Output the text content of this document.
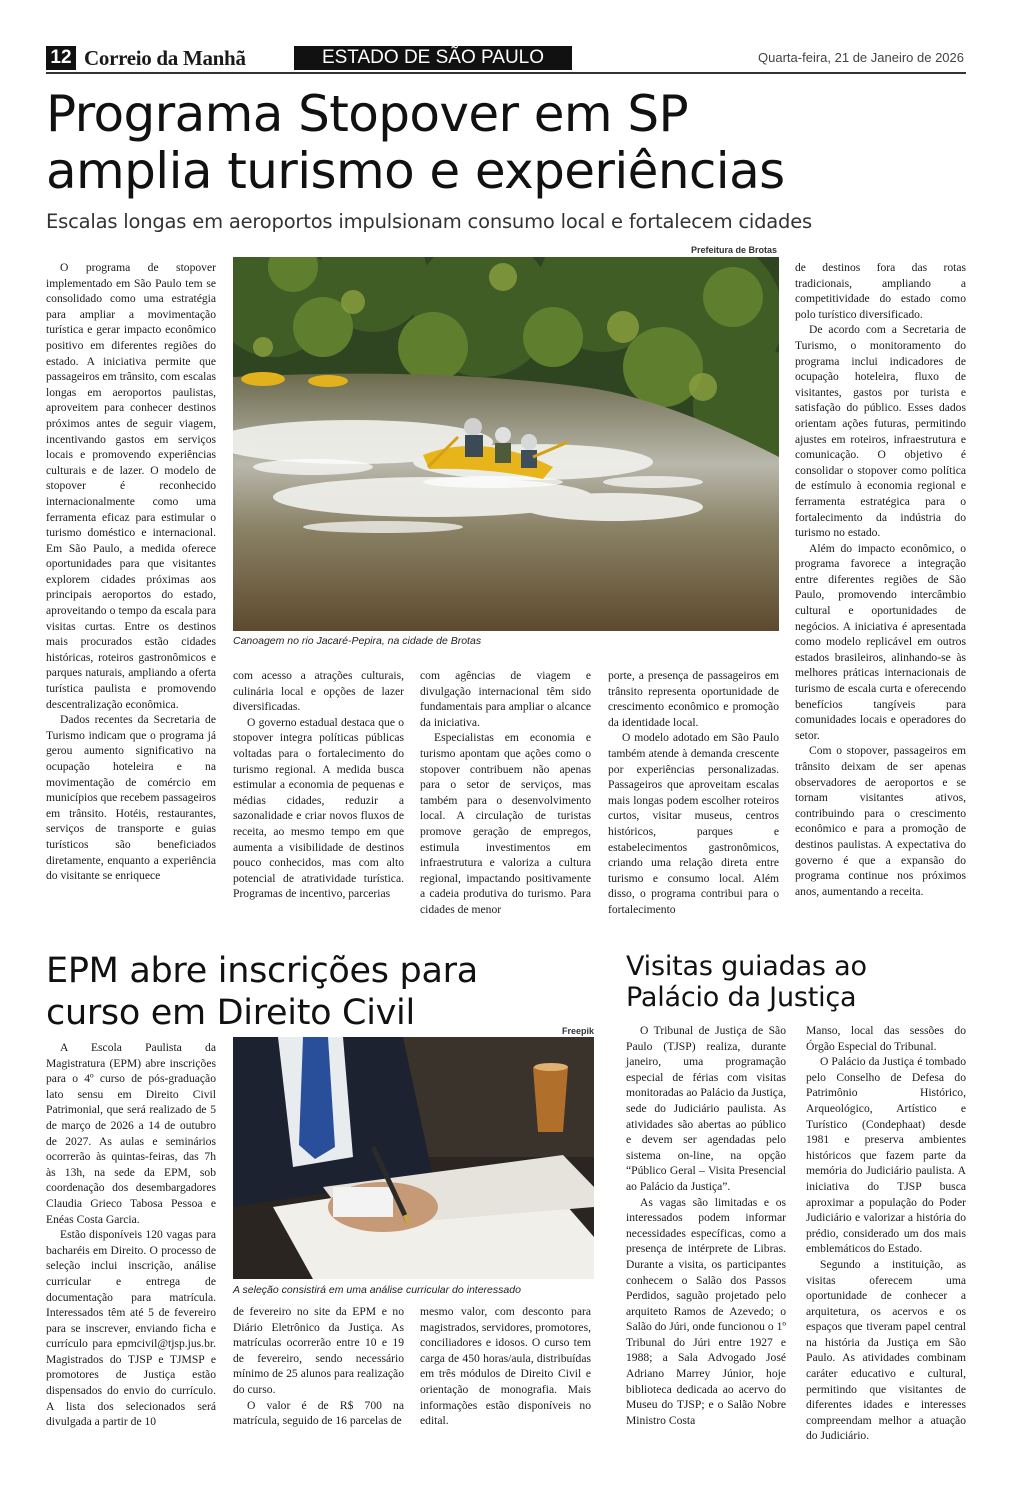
12 Correio da Manhã	ESTADO DE SÃO PAULO	Quarta-feira, 21 de Janeiro de 2026
Programa Stopover em SP
amplia turismo e experiências
Escalas longas em aeroportos impulsionam consumo local e fortalecem cidades
Prefeitura de Brotas
Canoagem no rio Jacaré-Pepira, na cidade de Brotas

O programa de stopover implementado em São Paulo tem se consolidado como uma estratégia para ampliar a movimentação turística e gerar impacto econômico positivo em diferentes regiões do estado. A iniciativa permite que passageiros em trânsito, com escalas longas em aeroportos paulistas, aproveitem para conhecer destinos próximos antes de seguir viagem, incentivando gastos em serviços locais e promovendo experiências culturais e de lazer. O modelo de stopover é reconhecido internacionalmente como uma ferramenta eficaz para estimular o turismo doméstico e internacional. Em São Paulo, a medida oferece oportunidades para que visitantes explorem cidades próximas aos principais aeroportos do estado, aproveitando o tempo da escala para visitas curtas. Entre os destinos mais procurados estão cidades históricas, roteiros gastronômicos e parques naturais, ampliando a oferta turística paulista e promovendo descentralização econômica.

Dados recentes da Secretaria de Turismo indicam que o programa já gerou aumento significativo na ocupação hoteleira e na movimentação de comércio em municípios que recebem passageiros em trânsito. Hotéis, restaurantes, serviços de transporte e guias turísticos são beneficiados diretamente, enquanto a experiência do visitante se enriquece

com acesso a atrações culturais, culinária local e opções de lazer diversificadas.

O governo estadual destaca que o stopover integra políticas públicas voltadas para o fortalecimento do turismo regional. A medida busca estimular a economia de pequenas e médias cidades, reduzir a sazonalidade e criar novos fluxos de receita, ao mesmo tempo em que aumenta a visibilidade de destinos pouco conhecidos, mas com alto potencial de atratividade turística. Programas de incentivo, parcerias

com agências de viagem e divulgação internacional têm sido fundamentais para ampliar o alcance da iniciativa.

Especialistas em economia e turismo apontam que ações como o stopover contribuem não apenas para o setor de serviços, mas também para o desenvolvimento local. A circulação de turistas promove geração de empregos, estimula investimentos em infraestrutura e valoriza a cultura regional, impactando positivamente a cadeia produtiva do turismo. Para cidades de menor

porte, a presença de passageiros em trânsito representa oportunidade de crescimento econômico e promoção da identidade local.

O modelo adotado em São Paulo também atende à demanda crescente por experiências personalizadas. Passageiros que aproveitam escalas mais longas podem escolher roteiros curtos, visitar museus, centros históricos, parques e estabelecimentos gastronômicos, criando uma relação direta entre turismo e consumo local. Além disso, o programa contribui para o fortalecimento

de destinos fora das rotas tradicionais, ampliando a competitividade do estado como polo turístico diversificado.

De acordo com a Secretaria de Turismo, o monitoramento do programa inclui indicadores de ocupação hoteleira, fluxo de visitantes, gastos por turista e satisfação do público. Esses dados orientam ações futuras, permitindo ajustes em roteiros, infraestrutura e comunicação. O objetivo é consolidar o stopover como política de estímulo à economia regional e ferramenta estratégica para o fortalecimento da indústria do turismo no estado.

Além do impacto econômico, o programa favorece a integração entre diferentes regiões de São Paulo, promovendo intercâmbio cultural e oportunidades de negócios. A iniciativa é apresentada como modelo replicável em outros estados brasileiros, alinhando-se às melhores práticas internacionais de turismo de escala curta e oferecendo benefícios tangíveis para comunidades locais e operadores do setor.

Com o stopover, passageiros em trânsito deixam de ser apenas observadores de aeroportos e se tornam visitantes ativos, contribuindo para o crescimento econômico e para a promoção de destinos paulistas. A expectativa do governo é que a expansão do programa continue nos próximos anos, aumentando a receita.

EPM abre inscrições para
curso em Direito Civil	Freepik
A seleção consistirá em uma análise curricular do interessado

A Escola Paulista da Magistratura (EPM) abre inscrições para o 4º curso de pós-graduação lato sensu em Direito Civil Patrimonial, que será realizado de 5 de março de 2026 a 14 de outubro de 2027. As aulas e seminários ocorrerão às quintas-feiras, das 7h às 13h, na sede da EPM, sob coordenação dos desembargadores Claudia Grieco Tabosa Pessoa e Enéas Costa Garcia.

Estão disponíveis 120 vagas para bacharéis em Direito. O processo de seleção inclui inscrição, análise curricular e entrega de documentação para matrícula. Interessados têm até 5 de fevereiro para se inscrever, enviando ficha e currículo para epmcivil@tjsp.jus.br. Magistrados do TJSP e TJMSP e promotores de Justiça estão dispensados do envio do currículo. A lista dos selecionados será divulgada a partir de 10

de fevereiro no site da EPM e no Diário Eletrônico da Justiça. As matrículas ocorrerão entre 10 e 19 de fevereiro, sendo necessário mínimo de 25 alunos para realização do curso.

O valor é de R$ 700 na matrícula, seguido de 16 parcelas de

mesmo valor, com desconto para magistrados, servidores, promotores, conciliadores e idosos. O curso tem carga de 450 horas/aula, distribuídas em três módulos de Direito Civil e orientação de monografia. Mais informações estão disponíveis no edital.

Visitas guiadas ao
Palácio da Justiça

O Tribunal de Justiça de São Paulo (TJSP) realiza, durante janeiro, uma programação especial de férias com visitas monitoradas ao Palácio da Justiça, sede do Judiciário paulista. As atividades são abertas ao público e devem ser agendadas pelo sistema on-line, na opção “Público Geral – Visita Presencial ao Palácio da Justiça”.

As vagas são limitadas e os interessados podem informar necessidades específicas, como a presença de intérprete de Libras. Durante a visita, os participantes conhecem o Salão dos Passos Perdidos, saguão projetado pelo arquiteto Ramos de Azevedo; o Salão do Júri, onde funcionou o 1º Tribunal do Júri entre 1927 e 1988; a Sala Advogado José Adriano Marrey Júnior, hoje biblioteca dedicada ao acervo do Museu do TJSP; e o Salão Nobre Ministro Costa

Manso, local das sessões do Órgão Especial do Tribunal.

O Palácio da Justiça é tombado pelo Conselho de Defesa do Patrimônio Histórico, Arqueológico, Artístico e Turístico (Condephaat) desde 1981 e preserva ambientes históricos que fazem parte da memória do Judiciário paulista. A iniciativa do TJSP busca aproximar a população do Poder Judiciário e valorizar a história do prédio, considerado um dos mais emblemáticos do Estado.

Segundo a instituição, as visitas oferecem uma oportunidade de conhecer a arquitetura, os acervos e os espaços que tiveram papel central na história da Justiça em São Paulo. As atividades combinam caráter educativo e cultural, permitindo que visitantes de diferentes idades e interesses compreendam melhor a atuação do Judiciário.
